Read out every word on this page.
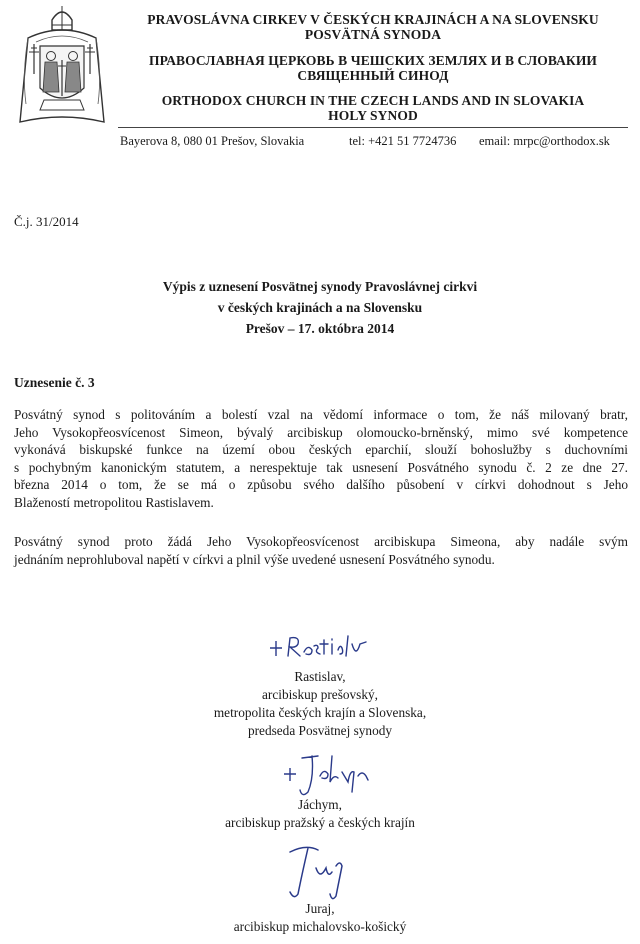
PRAVOSLÁVNA CIRKEV V ČESKÝCH KRAJINÁCH A NA SLOVENSKU
POSVÄTNÁ SYNODA
ПРАВОСЛАВНАЯ ЦЕРКОВЬ В ЧЕШСКИХ ЗЕМЛЯХ И В СЛОВАКИИ
СВЯЩЕННЫЙ СИНОД
ORTHODOX CHURCH IN THE CZECH LANDS AND IN SLOVAKIA
HOLY SYNOD
Bayerova 8, 080 01 Prešov, Slovakia	tel: +421 51 7724736 email: mrpc@orthodox.sk
Č.j. 31/2014
Výpis z uznesení Posvätnej synody Pravoslávnej cirkvi
v českých krajinách a na Slovensku
Prešov – 17. októbra 2014
Uznesenie č. 3
Posvátný synod s politováním a bolestí vzal na vědomí informace o tom, že náš milovaný bratr,
Jeho Vysokopřeosvícenost Simeon, bývalý arcibiskup olomoucko-brněnský, mimo své kompetence
vykonává biskupské funkce na území obou českých eparchií, slouží bohoslužby s duchovními
s pochybným kanonickým statutem, a nerespektuje tak usnesení Posvátného synodu č. 2 ze dne 27.
března 2014 o tom, že se má o způsobu svého dalšího působení v církvi dohodnout s Jeho
Blažeností metropolitou Rastislavem.
Posvátný synod proto žádá Jeho Vysokopřeosvícenost arcibiskupa Simeona, aby nadále svým
jednáním neprohluboval napětí v církvi a plnil výše uvedené usnesení Posvátného synodu.
Rastislav,
arcibiskup prešovský,
metropolita českých krajín a Slovenska,
predseda Posvätnej synody
Jáchym,
arcibiskup pražský a českých krajín
Juraj,
arcibiskup michalovsko-košický
